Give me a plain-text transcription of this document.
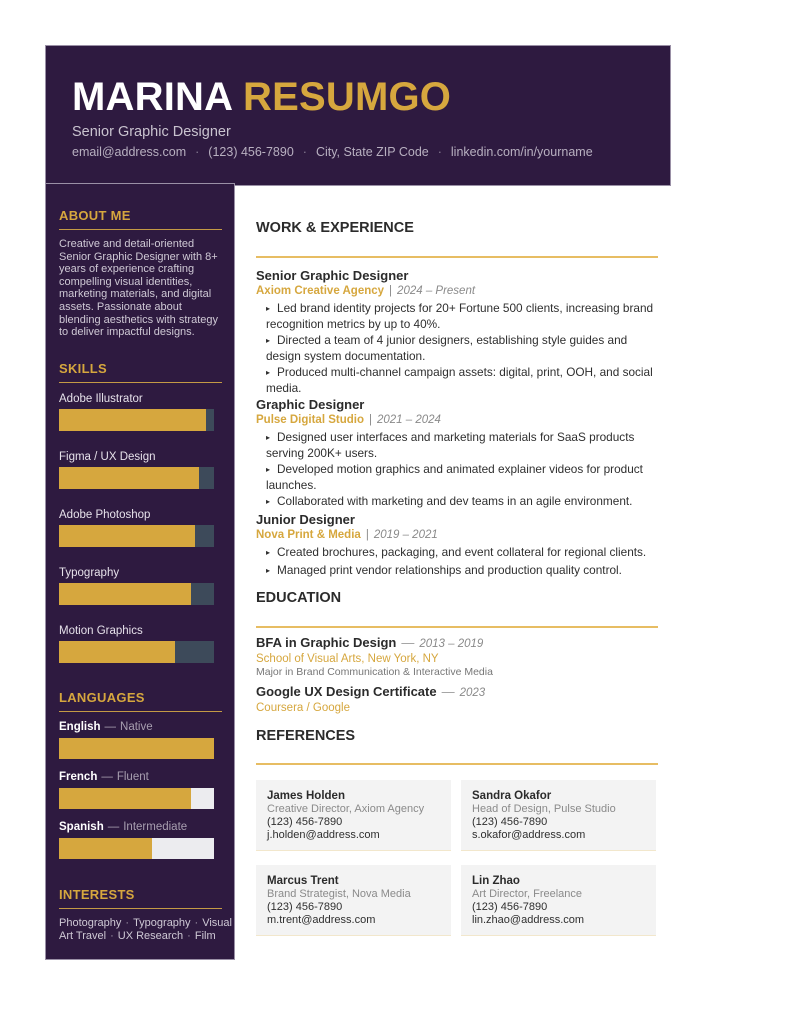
MARINA RESUMGO
Senior Graphic Designer
email@address.com · (123) 456-7890 · City, State ZIP Code · linkedin.com/in/yourname
ABOUT ME
Creative and detail-oriented Senior Graphic Designer with 8+ years of experience crafting compelling visual identities, marketing materials, and digital assets. Passionate about blending aesthetics with strategy to deliver impactful designs.
SKILLS
Adobe Illustrator
Figma / UX Design
Adobe Photoshop
Typography
Motion Graphics
LANGUAGES
English — Native
French — Fluent
Spanish — Intermediate
INTERESTS
Photography · Typography · Visual Art Travel · UX Research · Film
WORK & EXPERIENCE
Senior Graphic Designer
Axiom Creative Agency | 2024 – Present
▸ Led brand identity projects for 20+ Fortune 500 clients, increasing brand recognition metrics by up to 40%.
▸ Directed a team of 4 junior designers, establishing style guides and design system documentation.
▸ Produced multi-channel campaign assets: digital, print, OOH, and social media.
Graphic Designer
Pulse Digital Studio | 2021 – 2024
▸ Designed user interfaces and marketing materials for SaaS products serving 200K+ users.
▸ Developed motion graphics and animated explainer videos for product launches.
▸ Collaborated with marketing and dev teams in an agile environment.
Junior Designer
Nova Print & Media | 2019 – 2021
▸ Created brochures, packaging, and event collateral for regional clients.
▸ Managed print vendor relationships and production quality control.
EDUCATION
BFA in Graphic Design — 2013 – 2019
School of Visual Arts, New York, NY
Major in Brand Communication & Interactive Media
Google UX Design Certificate — 2023
Coursera / Google
REFERENCES
James Holden
Creative Director, Axiom Agency
(123) 456-7890
j.holden@address.com
Sandra Okafor
Head of Design, Pulse Studio
(123) 456-7890
s.okafor@address.com
Marcus Trent
Brand Strategist, Nova Media
(123) 456-7890
m.trent@address.com
Lin Zhao
Art Director, Freelance
(123) 456-7890
lin.zhao@address.com
